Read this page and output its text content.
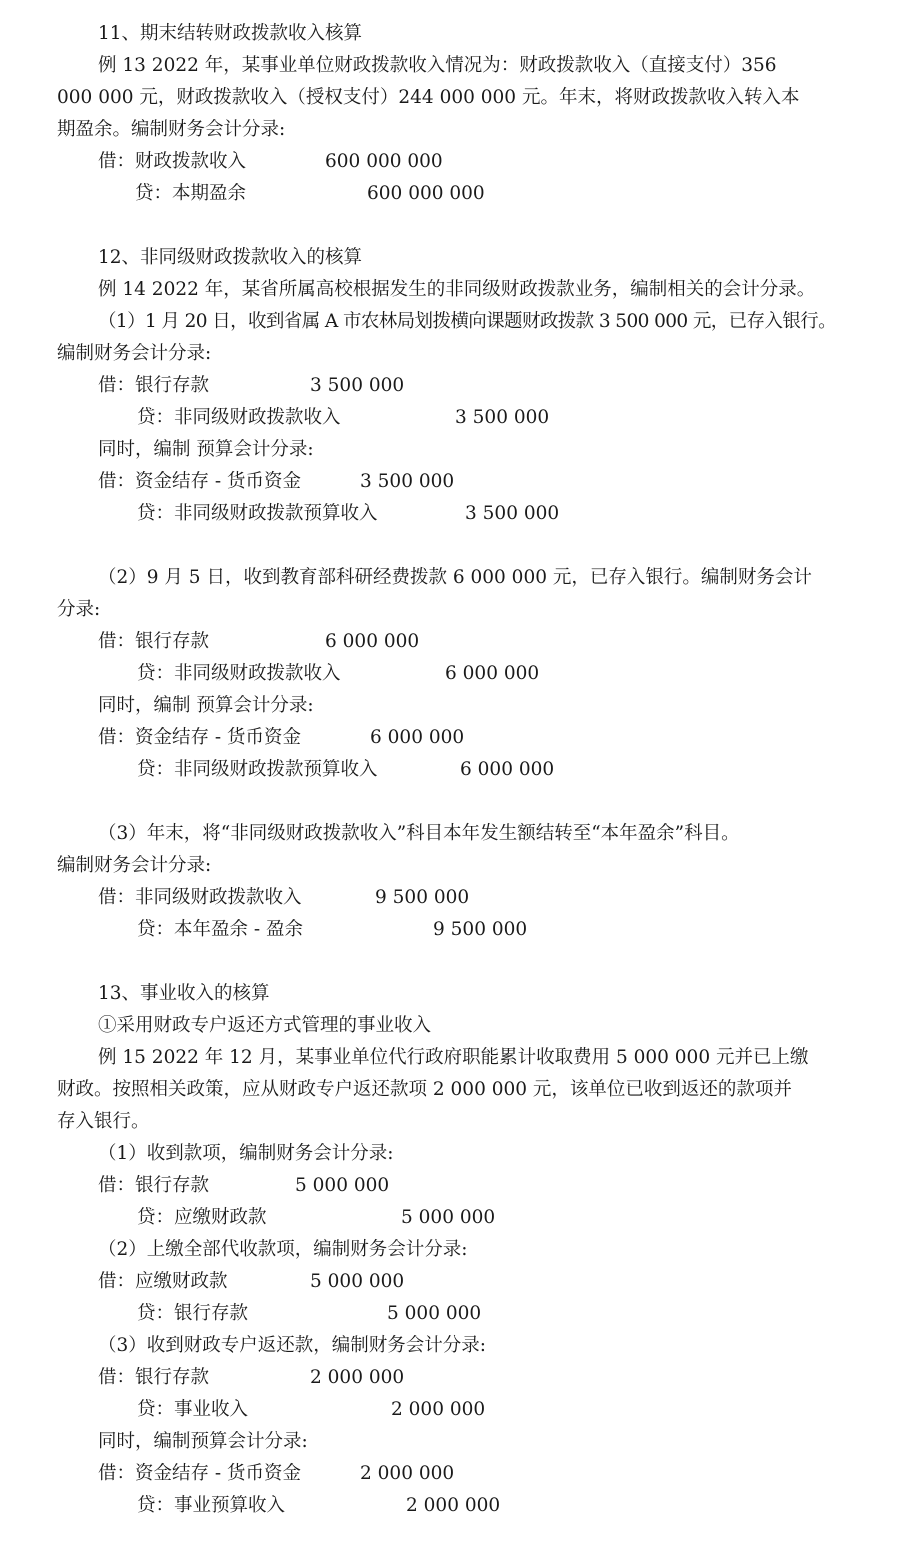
11、期末结转财政拨款收入核算
例 13 2022 年，某事业单位财政拨款收入情况为：财政拨款收入（直接支付）356
000 000 元，财政拨款收入（授权支付）244 000 000 元。年末，将财政拨款收入转入本
期盈余。编制财务会计分录:
借：财政拨款收入	600 000 000
贷：本期盈余	600 000 000
12、非同级财政拨款收入的核算
例 14 2022 年，某省所属高校根据发生的非同级财政拨款业务，编制相关的会计分录。
（1）1 月 20 日，收到省属 A 市农林局划拨横向课题财政拨款 3 500 000 元，已存入银行。
编制财务会计分录:
借：银行存款	3 500 000
贷：非同级财政拨款收入	3 500 000
同时，编制 预算会计分录:
借：资金结存 - 货币资金	3 500 000
贷：非同级财政拨款预算收入	3 500 000
（2）9 月 5 日，收到教育部科研经费拨款 6 000 000 元，已存入银行。编制财务会计
分录:
借：银行存款	6 000 000
贷：非同级财政拨款收入	6 000 000
同时，编制 预算会计分录:
借：资金结存 - 货币资金	6 000 000
贷：非同级财政拨款预算收入	6 000 000
（3）年末，将“非同级财政拨款收入”科目本年发生额结转至“本年盈余”科目。
编制财务会计分录:
借：非同级财政拨款收入	9 500 000
贷：本年盈余 - 盈余	9 500 000
13、事业收入的核算
①采用财政专户返还方式管理的事业收入
例 15 2022 年 12 月，某事业单位代行政府职能累计收取费用 5 000 000 元并已上缴
财政。按照相关政策，应从财政专户返还款项 2 000 000 元，该单位已收到返还的款项并
存入银行。
（1）收到款项，编制财务会计分录:
借：银行存款	5 000 000
贷：应缴财政款	5 000 000
（2）上缴全部代收款项，编制财务会计分录:
借：应缴财政款	5 000 000
贷：银行存款	5 000 000
（3）收到财政专户返还款，编制财务会计分录:
借：银行存款	2 000 000
贷：事业收入	2 000 000
同时，编制预算会计分录:
借：资金结存 - 货币资金	2 000 000
贷：事业预算收入	2 000 000
